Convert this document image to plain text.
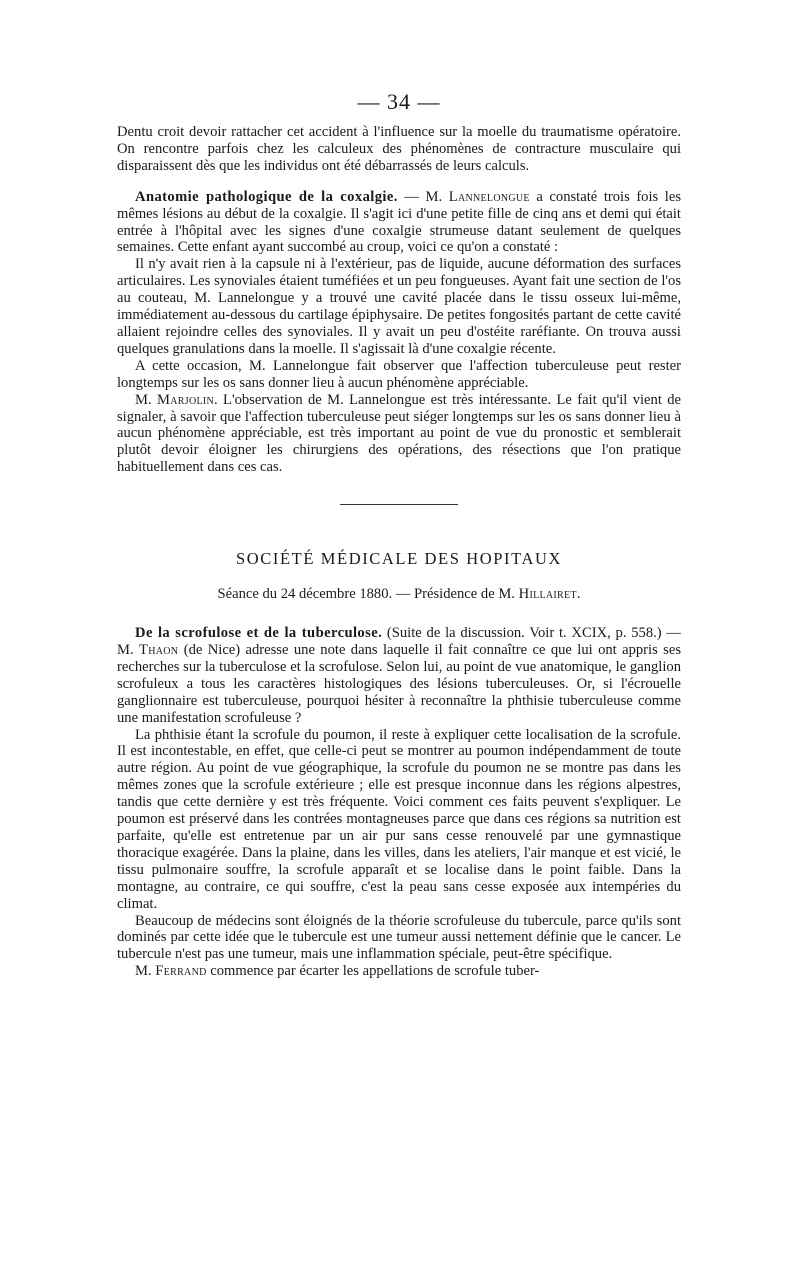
— 34 —

Dentu croit devoir rattacher cet accident à l'influence sur la moelle du traumatisme opératoire. On rencontre parfois chez les calculeux des phénomènes de contracture musculaire qui disparaissent dès que les individus ont été débarrassés de leurs calculs.

Anatomie pathologique de la coxalgie. — M. Lannelongue a constaté trois fois les mêmes lésions au début de la coxalgie. Il s'agit ici d'une petite fille de cinq ans et demi qui était entrée à l'hôpital avec les signes d'une coxalgie strumeuse datant seulement de quelques semaines. Cette enfant ayant succombé au croup, voici ce qu'on a constaté :

Il n'y avait rien à la capsule ni à l'extérieur, pas de liquide, aucune déformation des surfaces articulaires. Les synoviales étaient tuméfiées et un peu fongueuses. Ayant fait une section de l'os au couteau, M. Lannelongue y a trouvé une cavité placée dans le tissu osseux lui-même, immédiatement au-dessous du cartilage épiphysaire. De petites fongosités partant de cette cavité allaient rejoindre celles des synoviales. Il y avait un peu d'ostéite raréfiante. On trouva aussi quelques granulations dans la moelle. Il s'agissait là d'une coxalgie récente.

A cette occasion, M. Lannelongue fait observer que l'affection tuberculeuse peut rester longtemps sur les os sans donner lieu à aucun phénomène appréciable.

M. Marjolin. L'observation de M. Lannelongue est très intéressante. Le fait qu'il vient de signaler, à savoir que l'affection tuberculeuse peut siéger longtemps sur les os sans donner lieu à aucun phénomène appréciable, est très important au point de vue du pronostic et semblerait plutôt devoir éloigner les chirurgiens des opérations, des résections que l'on pratique habituellement dans ces cas.

SOCIÉTÉ MÉDICALE DES HOPITAUX
Séance du 24 décembre 1880. — Présidence de M. Hillairet.

De la scrofulose et de la tuberculose. (Suite de la discussion. Voir t. XCIX, p. 558.) — M. Thaon (de Nice) adresse une note dans laquelle il fait connaître ce que lui ont appris ses recherches sur la tuberculose et la scrofulose. Selon lui, au point de vue anatomique, le ganglion scrofuleux a tous les caractères histologiques des lésions tuberculeuses. Or, si l'écrouelle ganglionnaire est tuberculeuse, pourquoi hésiter à reconnaître la phthisie tuberculeuse comme une manifestation scrofuleuse ?

La phthisie étant la scrofule du poumon, il reste à expliquer cette localisation de la scrofule. Il est incontestable, en effet, que celle-ci peut se montrer au poumon indépendamment de toute autre région. Au point de vue géographique, la scrofule du poumon ne se montre pas dans les mêmes zones que la scrofule extérieure ; elle est presque inconnue dans les régions alpestres, tandis que cette dernière y est très fréquente. Voici comment ces faits peuvent s'expliquer. Le poumon est préservé dans les contrées montagneuses parce que dans ces régions sa nutrition est parfaite, qu'elle est entretenue par un air pur sans cesse renouvelé par une gymnastique thoracique exagérée. Dans la plaine, dans les villes, dans les ateliers, l'air manque et est vicié, le tissu pulmonaire souffre, la scrofule apparaît et se localise dans le point faible. Dans la montagne, au contraire, ce qui souffre, c'est la peau sans cesse exposée aux intempéries du climat.

Beaucoup de médecins sont éloignés de la théorie scrofuleuse du tubercule, parce qu'ils sont dominés par cette idée que le tubercule est une tumeur aussi nettement définie que le cancer. Le tubercule n'est pas une tumeur, mais une inflammation spéciale, peut-être spécifique.

M. Ferrand commence par écarter les appellations de scrofule tuber-
